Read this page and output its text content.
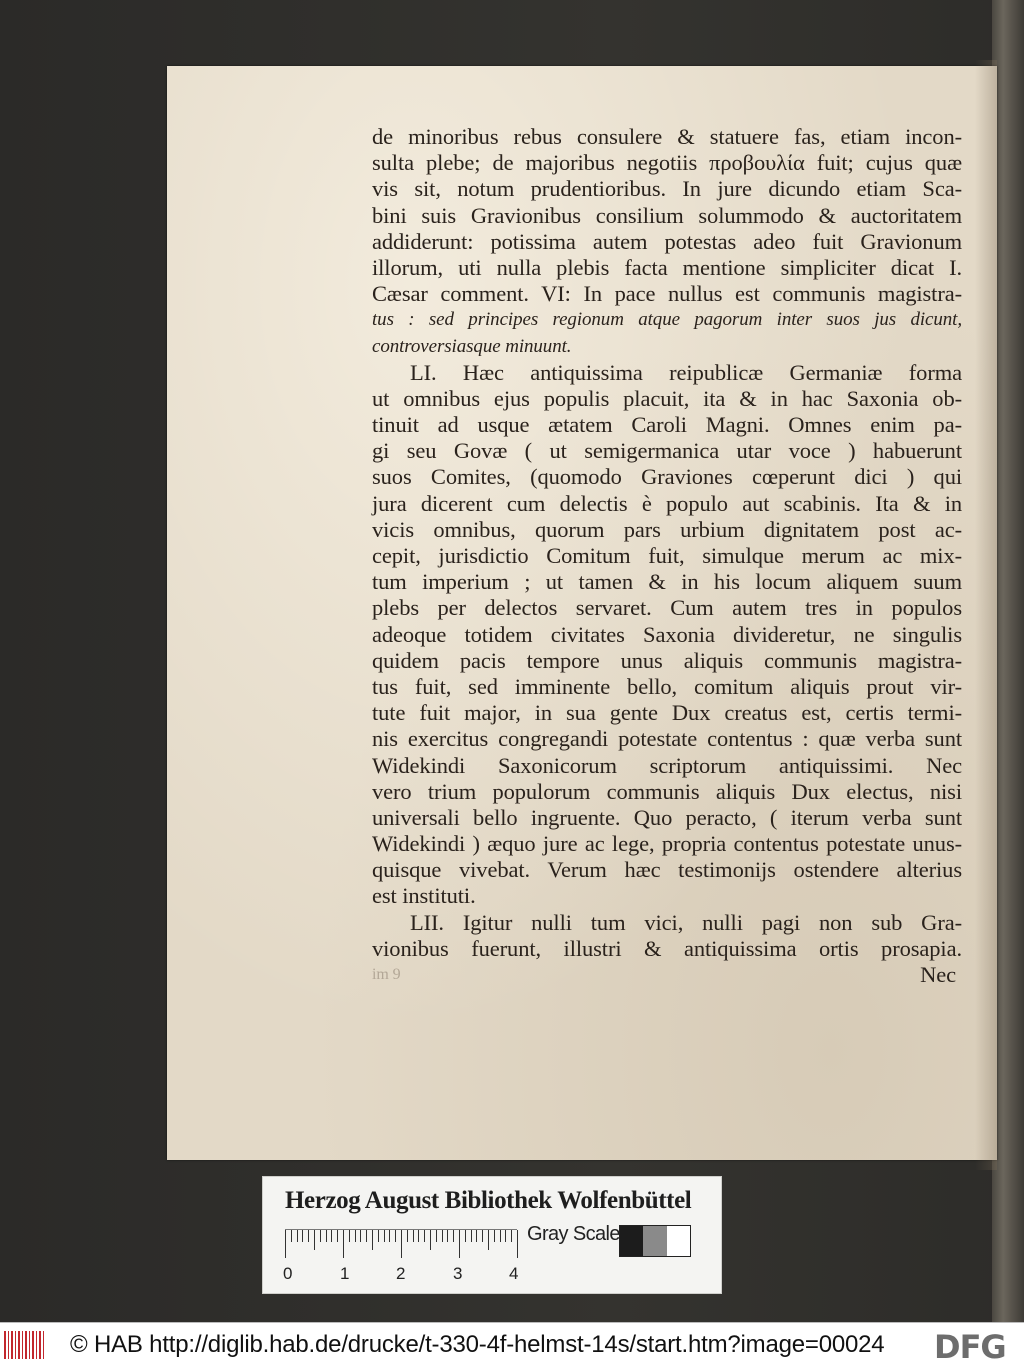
de minoribus rebus consulere & statuere fas, etiam incon-
sulta plebe; de majoribus negotiis προβουλία fuit; cujus quæ
vis sit, notum prudentioribus. In jure dicundo etiam Sca-
bini suis Gravionibus consilium solummodo & auctoritatem
addiderunt: potissima autem potestas adeo fuit Gravionum
illorum, uti nulla plebis facta mentione simpliciter dicat I.
Cæsar comment. VI: In pace nullus est communis magistra-
tus : sed principes regionum atque pagorum inter suos jus dicunt,
controversiasque minuunt.
LI. Hæc antiquissima reipublicæ Germaniæ forma
ut omnibus ejus populis placuit, ita & in hac Saxonia ob-
tinuit ad usque ætatem Caroli Magni. Omnes enim pa-
gi seu Govæ ( ut semigermanica utar voce ) habuerunt
suos Comites, (quomodo Graviones cœperunt dici ) qui
jura dicerent cum delectis è populo aut scabinis. Ita & in
vicis omnibus, quorum pars urbium dignitatem post ac-
cepit, jurisdictio Comitum fuit, simulque merum ac mix-
tum imperium ; ut tamen & in his locum aliquem suum
plebs per delectos servaret. Cum autem tres in populos
adeoque totidem civitates Saxonia divideretur, ne singulis
quidem pacis tempore unus aliquis communis magistra-
tus fuit, sed imminente bello, comitum aliquis prout vir-
tute fuit major, in sua gente Dux creatus est, certis termi-
nis exercitus congregandi potestate contentus : quæ verba sunt
Widekindi Saxonicorum scriptorum antiquissimi. Nec
vero trium populorum communis aliquis Dux electus, nisi
universali bello ingruente. Quo peracto, ( iterum verba sunt
Widekindi ) æquo jure ac lege, propria contentus potestate unus-
quisque vivebat. Verum hæc testimonijs ostendere alterius
est instituti.
LII. Igitur nulli tum vici, nulli pagi non sub Gra-
vionibus fuerunt, illustri & antiquissima ortis prosapia.
im 9	Nec
Herzog August Bibliothek Wolfenbüttel
0	1	2	3	4
Gray Scale
© HAB http://diglib.hab.de/drucke/t-330-4f-helmst-14s/start.htm?image=00024 DFG
